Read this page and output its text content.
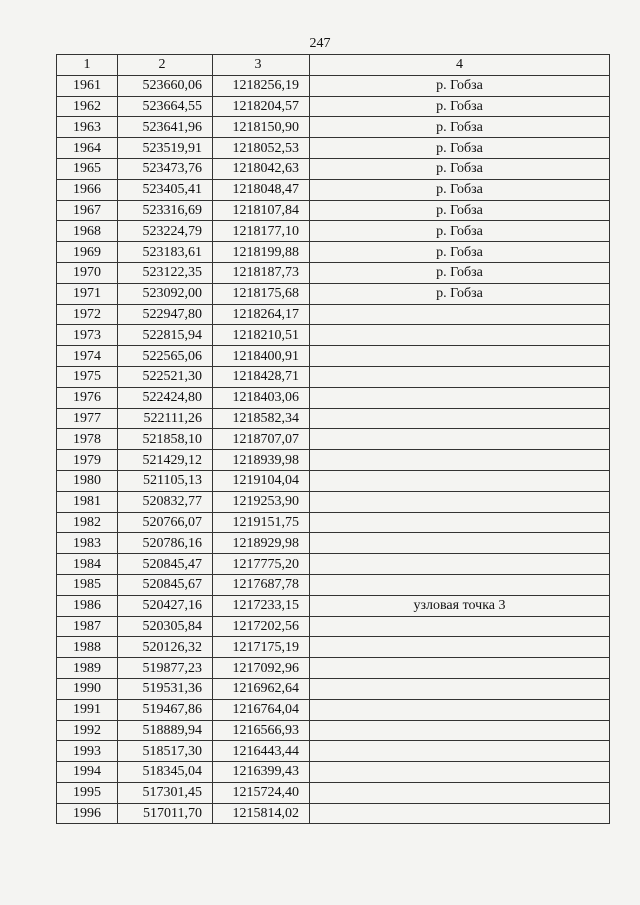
247
1	2	3	4
1961	523660,06	1218256,19	р. Гобза
1962	523664,55	1218204,57	р. Гобза
1963	523641,96	1218150,90	р. Гобза
1964	523519,91	1218052,53	р. Гобза
1965	523473,76	1218042,63	р. Гобза
1966	523405,41	1218048,47	р. Гобза
1967	523316,69	1218107,84	р. Гобза
1968	523224,79	1218177,10	р. Гобза
1969	523183,61	1218199,88	р. Гобза
1970	523122,35	1218187,73	р. Гобза
1971	523092,00	1218175,68	р. Гобза
1972	522947,80	1218264,17	
1973	522815,94	1218210,51	
1974	522565,06	1218400,91	
1975	522521,30	1218428,71	
1976	522424,80	1218403,06	
1977	522111,26	1218582,34	
1978	521858,10	1218707,07	
1979	521429,12	1218939,98	
1980	521105,13	1219104,04	
1981	520832,77	1219253,90	
1982	520766,07	1219151,75	
1983	520786,16	1218929,98	
1984	520845,47	1217775,20	
1985	520845,67	1217687,78	
1986	520427,16	1217233,15	узловая точка 3
1987	520305,84	1217202,56	
1988	520126,32	1217175,19	
1989	519877,23	1217092,96	
1990	519531,36	1216962,64	
1991	519467,86	1216764,04	
1992	518889,94	1216566,93	
1993	518517,30	1216443,44	
1994	518345,04	1216399,43	
1995	517301,45	1215724,40	
1996	517011,70	1215814,02	
